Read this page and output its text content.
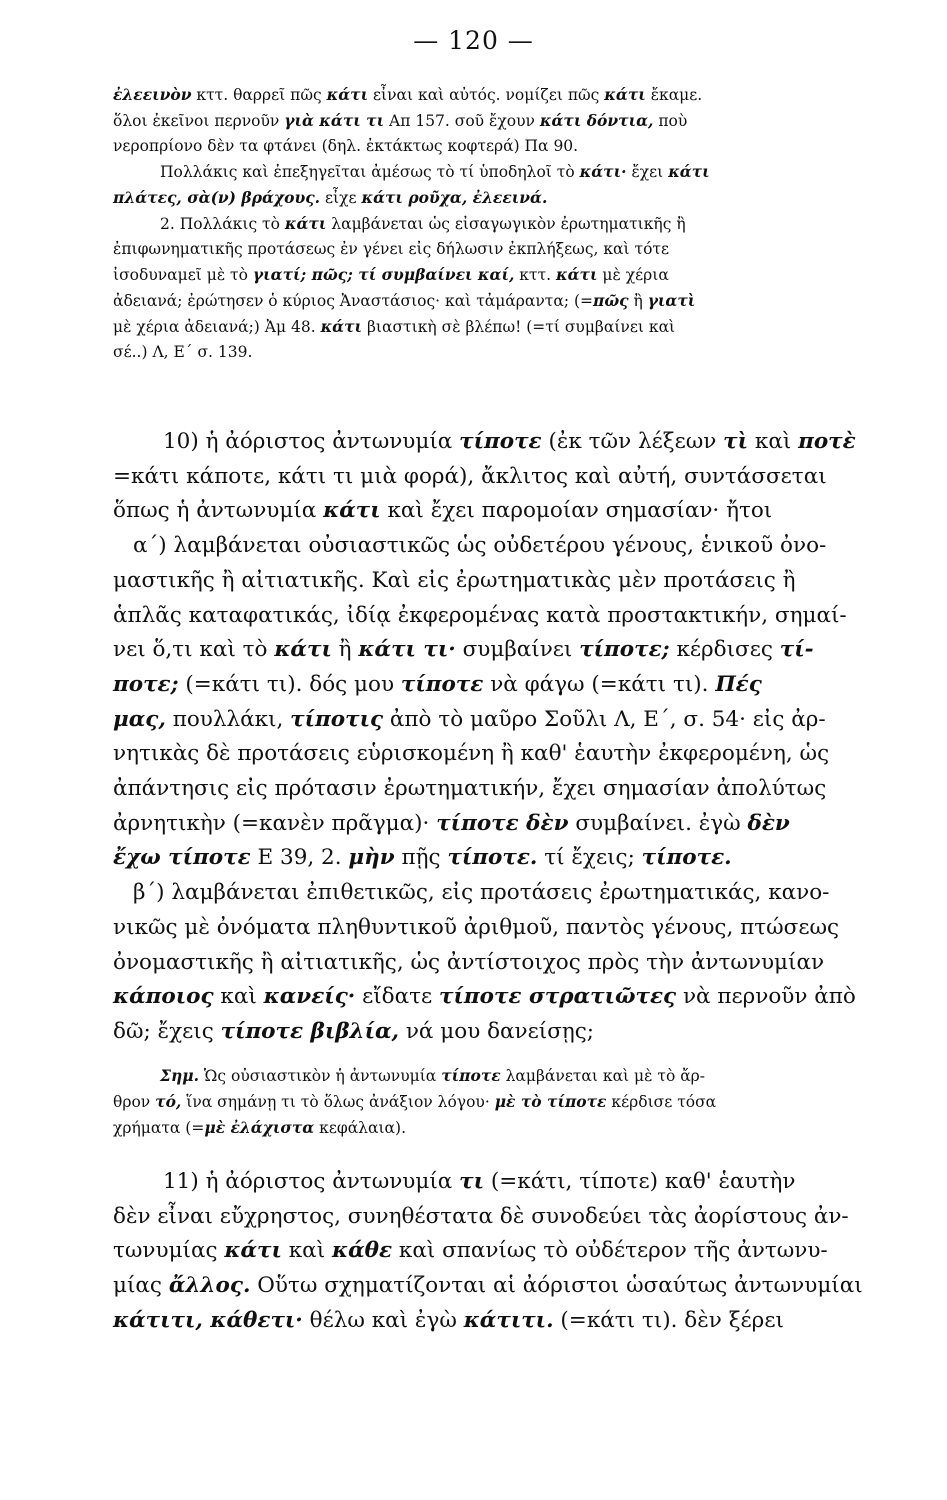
— 120 —
ἐλεεινὸν κττ. θαρρεῖ πῶς κάτι εἶναι καὶ αὐτός. νομίζει πῶς κάτι ἔκαμε.
ὅλοι ἐκεῖνοι περνοῦν γιὰ κάτι τι Απ 157. σοῦ ἔχουν κάτι δόντια, ποὺ
νεροπρίονο δὲν τα φτάνει (δηλ. ἐκτάκτως κοφτερά) Πα 90.
Πολλάκις καὶ ἐπεξηγεῖται ἀμέσως τὸ τί ὑποδηλοῖ τὸ κάτι· ἔχει κάτι
πλάτες, σὰ(ν) βράχους. εἶχε κάτι ροῦχα, ἐλεεινά.
2. Πολλάκις τὸ κάτι λαμβάνεται ὡς εἰσαγωγικὸν ἐρωτηματικῆς ἢ
ἐπιφωνηματικῆς προτάσεως ἐν γένει εἰς δήλωσιν ἐκπλήξεως, καὶ τότε
ἰσοδυναμεῖ μὲ τὸ γιατί; πῶς; τί συμβαίνει καί, κττ. κάτι μὲ χέρια
ἀδειανά; ἐρώτησεν ὁ κύριος Ἀναστάσιος· καὶ τἀμάραντα; (=πῶς ἢ γιατὶ
μὲ χέρια ἀδειανά;) Ἀμ 48. κάτι βιαστικὴ σὲ βλέπω! (=τί συμβαίνει καὶ
σέ..) Λ, Ε΄ σ. 139.
10) ἡ ἀόριστος ἀντωνυμία τίποτε (ἐκ τῶν λέξεων τὶ καὶ ποτὲ
=κάτι κάποτε, κάτι τι μιὰ φορά), ἄκλιτος καὶ αὐτή, συντάσσεται
ὅπως ἡ ἀντωνυμία κάτι καὶ ἔχει παρομοίαν σημασίαν· ἤτοι
α΄) λαμβάνεται οὐσιαστικῶς ὡς οὐδετέρου γένους, ἑνικοῦ ὀνο-
μαστικῆς ἢ αἰτιατικῆς. Καὶ εἰς ἐρωτηματικὰς μὲν προτάσεις ἢ
ἁπλᾶς καταφατικάς, ἰδίᾳ ἐκφερομένας κατὰ προστακτικήν, σημαί-
νει ὅ,τι καὶ τὸ κάτι ἢ κάτι τι· συμβαίνει τίποτε; κέρδισες τί-
ποτε; (=κάτι τι). δός μου τίποτε νὰ φάγω (=κάτι τι). Πές
μας, πουλλάκι, τίποτις ἀπὸ τὸ μαῦρο Σοῦλι Λ, Ε΄, σ. 54· εἰς ἀρ-
νητικὰς δὲ προτάσεις εὑρισκομένη ἢ καθ' ἑαυτὴν ἐκφερομένη, ὡς
ἀπάντησις εἰς πρότασιν ἐρωτηματικήν, ἔχει σημασίαν ἀπολύτως
ἀρνητικὴν (=κανὲν πρᾶγμα)· τίποτε δὲν συμβαίνει. ἐγὼ δὲν
ἔχω τίποτε Ε 39, 2. μὴν πῇς τίποτε. τί ἔχεις; τίποτε.
β΄) λαμβάνεται ἐπιθετικῶς, εἰς προτάσεις ἐρωτηματικάς, κανο-
νικῶς μὲ ὀνόματα πληθυντικοῦ ἀριθμοῦ, παντὸς γένους, πτώσεως
ὀνομαστικῆς ἢ αἰτιατικῆς, ὡς ἀντίστοιχος πρὸς τὴν ἀντωνυμίαν
κάποιος καὶ κανείς· εἴδατε τίποτε στρατιῶτες νὰ περνοῦν ἀπὸ
δῶ; ἔχεις τίποτε βιβλία, νά μου δανείσῃς;
Σημ. Ὡς οὐσιαστικὸν ἡ ἀντωνυμία τίποτε λαμβάνεται καὶ μὲ τὸ ἄρ-
θρον τό, ἵνα σημάνῃ τι τὸ ὅλως ἀνάξιον λόγου· μὲ τὸ τίποτε κέρδισε τόσα
χρήματα (=μὲ ἐλάχιστα κεφάλαια).
11) ἡ ἀόριστος ἀντωνυμία τι (=κάτι, τίποτε) καθ' ἑαυτὴν
δὲν εἶναι εὔχρηστος, συνηθέστατα δὲ συνοδεύει τὰς ἀορίστους ἀν-
τωνυμίας κάτι καὶ κάθε καὶ σπανίως τὸ οὐδέτερον τῆς ἀντωνυ-
μίας ἄλλος. Οὕτω σχηματίζονται αἱ ἀόριστοι ὡσαύτως ἀντωνυμίαι
κάτιτι, κάθετι· θέλω καὶ ἐγὼ κάτιτι. (=κάτι τι). δὲν ξέρει
